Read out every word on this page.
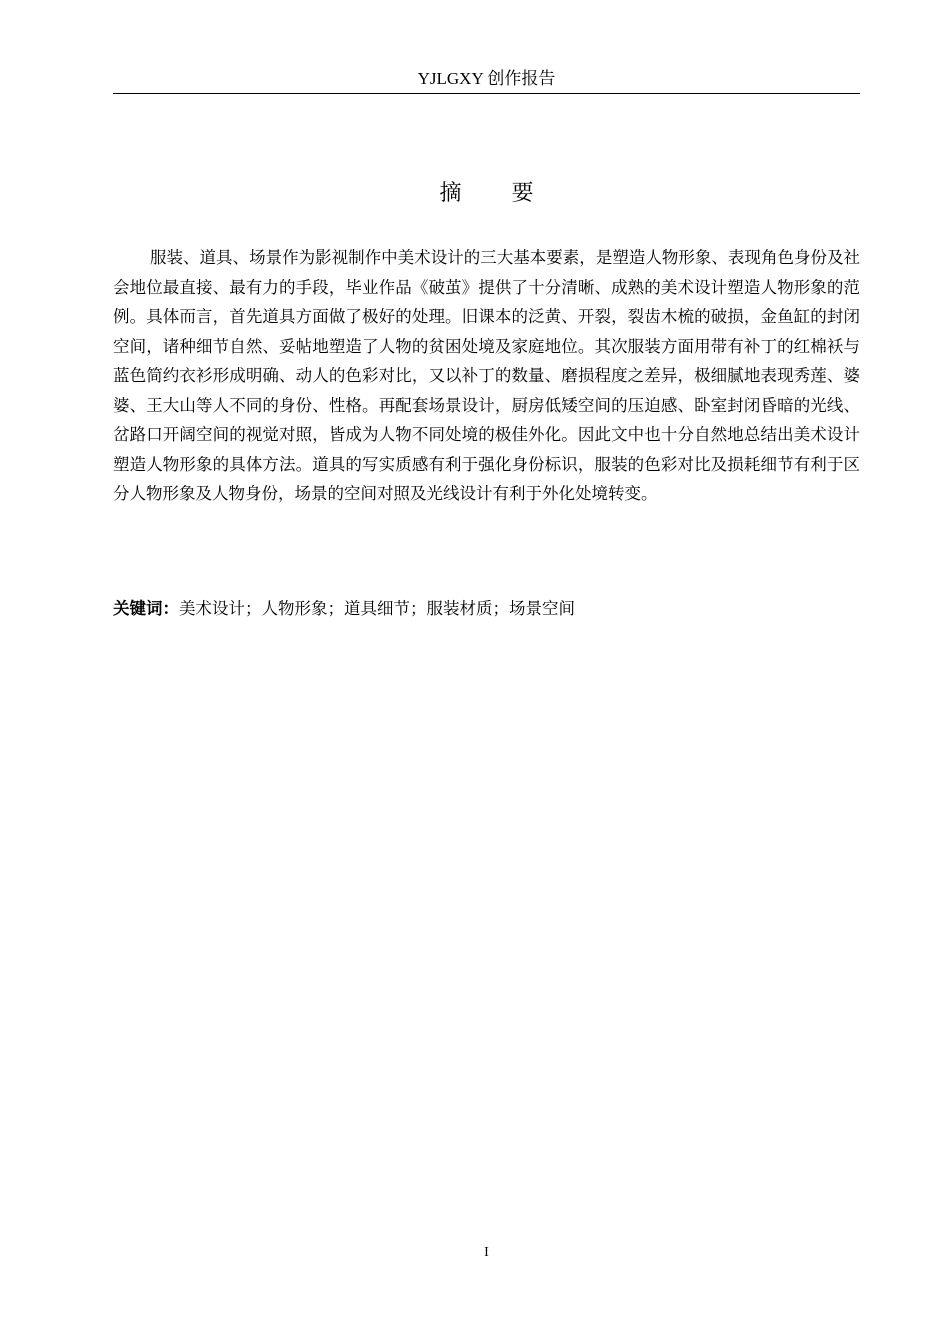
YJLGXY 创作报告
摘　要

服装、道具、场景作为影视制作中美术设计的三大基本要素，是塑造人物形象、表现角色身份及社会地位最直接、最有力的手段，毕业作品《破茧》提供了十分清晰、成熟的美术设计塑造人物形象的范例。具体而言，首先道具方面做了极好的处理。旧课本的泛黄、开裂，裂齿木梳的破损，金鱼缸的封闭空间，诸种细节自然、妥帖地塑造了人物的贫困处境及家庭地位。其次服装方面用带有补丁的红棉袄与蓝色简约衣衫形成明确、动人的色彩对比，又以补丁的数量、磨损程度之差异，极细腻地表现秀莲、婆婆、王大山等人不同的身份、性格。再配套场景设计，厨房低矮空间的压迫感、卧室封闭昏暗的光线、岔路口开阔空间的视觉对照，皆成为人物不同处境的极佳外化。因此文中也十分自然地总结出美术设计塑造人物形象的具体方法。道具的写实质感有利于强化身份标识，服装的色彩对比及损耗细节有利于区分人物形象及人物身份，场景的空间对照及光线设计有利于外化处境转变。

关键词：美术设计；人物形象；道具细节；服装材质；场景空间

I
